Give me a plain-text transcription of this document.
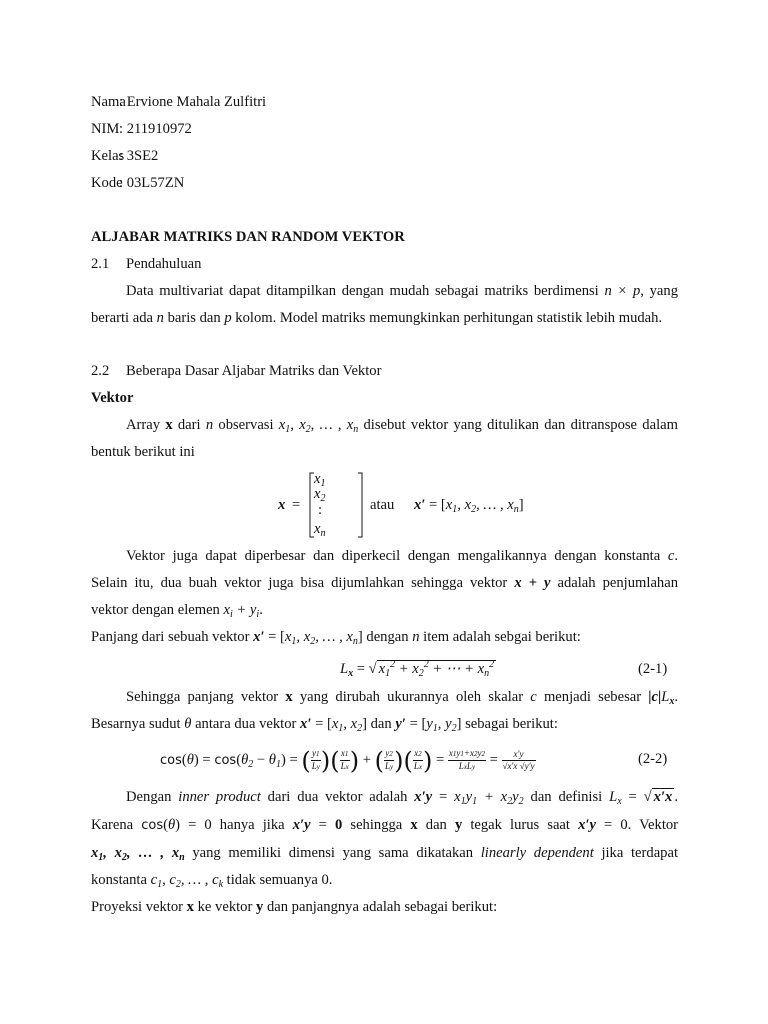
Nama
: Ervione Mahala Zulfitri
NIM : 211910972
Kelas
: 3SE2
Kode
: 03L57ZN
ALJABAR MATRIKS DAN RANDOM VEKTOR
2.1 Pendahuluan
Data multivariat dapat ditampilkan dengan mudah sebagai matriks berdimensi n × p, yang
berarti ada n baris dan p kolom. Model matriks memungkinkan perhitungan statistik lebih mudah.
2.2 Beberapa Dasar Aljabar Matriks dan Vektor
Vektor
Array x dari n observasi $x_1$, $x_2$, … , $x_n$ disebut vektor yang ditulikan dan ditranspose dalam
bentuk berikut ini
x =
$x_1$
$x_2$
:
$x_n$
atau $x' = [x_1$, $x_2$, … , $x_n$]
Vektor juga dapat diperbesar dan diperkecil dengan mengalikannya dengan konstanta c.
Selain itu, dua buah vektor juga bisa dijumlahkan sehingga vektor x + y adalah penjumlahan
vektor dengan elemen $x_i + y_i$.
Panjang dari sebuah vektor $x' = [x_1$, $x_2$, … , $x_n$] dengan n item adalah sebgai berikut:
$L_x$ = √ $x_1^2 + x_2^2$ + ⋯ + $x_n^2$	(2-1)
Sehingga panjang vektor x yang dirubah ukurannya oleh skalar c menjadi sebesar $|c|L_x$.
Besarnya sudut θ antara dua vektor $x' = [x_1$, $x_2$] dan $y' = [y_1$, $y_2$] sebagai berikut:
$\cos(\theta) = \cos(\theta_2 - \theta_1)$ = ( $\frac{y1}{Ly}$ )( $\frac{x1}{Lx}$ ) + ( $\frac{y2}{Ly}$ )( $\frac{x2}{Lx}$ ) = $\frac{x1y1+x2y2}{\text{LxLy}} = \frac{x'y}{√x'x √y'y}$	(2-2)
Dengan inner product dari dua vektor adalah $x'y = x_1y_1 + x_2y_2$ dan definisi $L_x$ = √ x′x .
Karena cos(θ) = 0 hanya jika x′y = 0 sehingga x dan y tegak lurus saat x′y = 0. Vektor
$x_1$, $x_2$, … , $x_n$ yang memiliki dimensi yang sama dikatakan linearly dependent jika terdapat
konstanta $c_1$, $c_2$, … , $c_k$ tidak semuanya 0.
Proyeksi vektor x ke vektor y dan panjangnya adalah sebagai berikut:
